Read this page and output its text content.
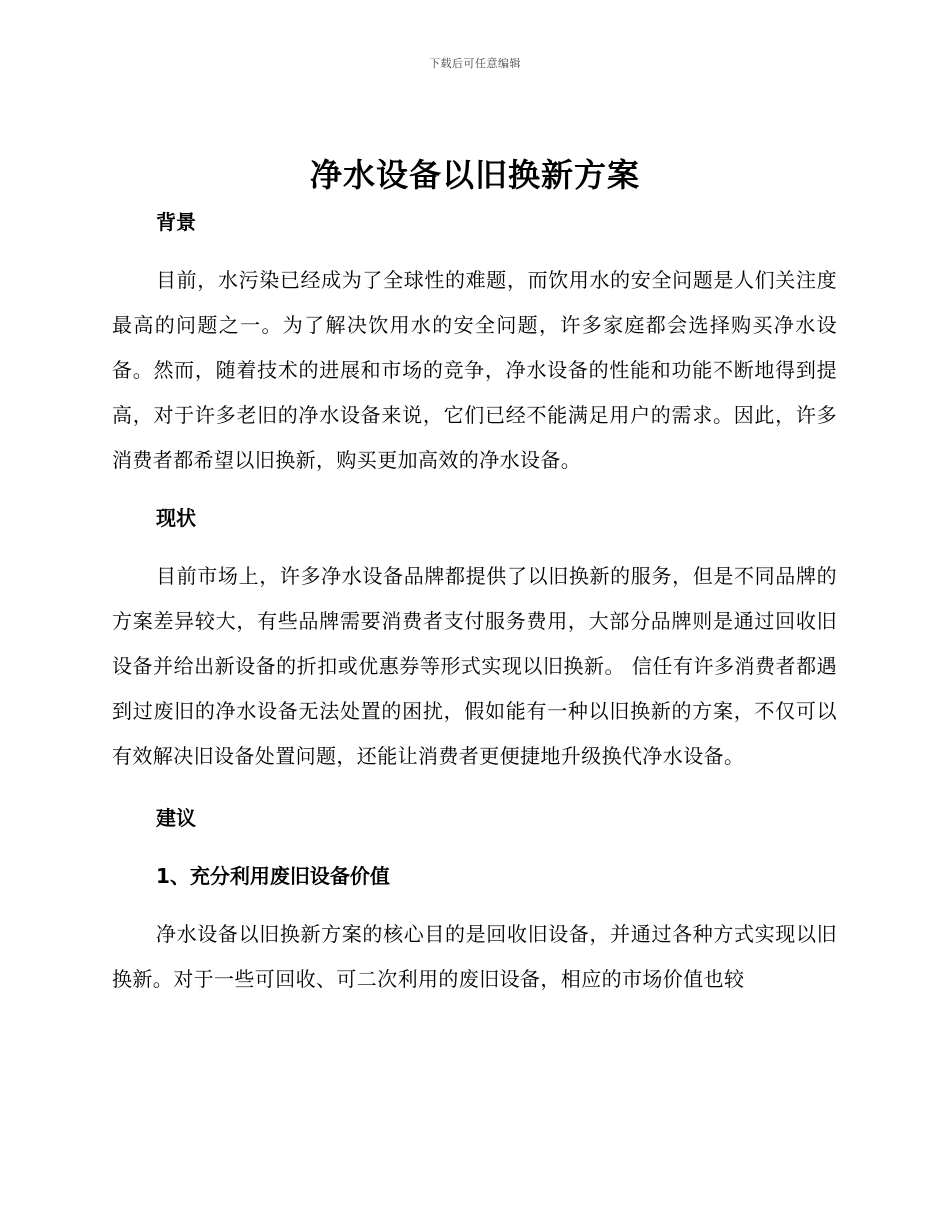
下载后可任意编辑
净水设备以旧换新方案

背景

目前，水污染已经成为了全球性的难题，而饮用水的安全问题是人们关注度最高的问题之一。为了解决饮用水的安全问题，许多家庭都会选择购买净水设备。然而，随着技术的进展和市场的竞争，净水设备的性能和功能不断地得到提高，对于许多老旧的净水设备来说，它们已经不能满足用户的需求。因此，许多消费者都希望以旧换新，购买更加高效的净水设备。

现状

目前市场上，许多净水设备品牌都提供了以旧换新的服务，但是不同品牌的方案差异较大，有些品牌需要消费者支付服务费用，大部分品牌则是通过回收旧设备并给出新设备的折扣或优惠券等形式实现以旧换新。 信任有许多消费者都遇到过废旧的净水设备无法处置的困扰，假如能有一种以旧换新的方案，不仅可以有效解决旧设备处置问题，还能让消费者更便捷地升级换代净水设备。

建议

1、充分利用废旧设备价值

净水设备以旧换新方案的核心目的是回收旧设备，并通过各种方式实现以旧换新。对于一些可回收、可二次利用的废旧设备，相应的市场价值也较
